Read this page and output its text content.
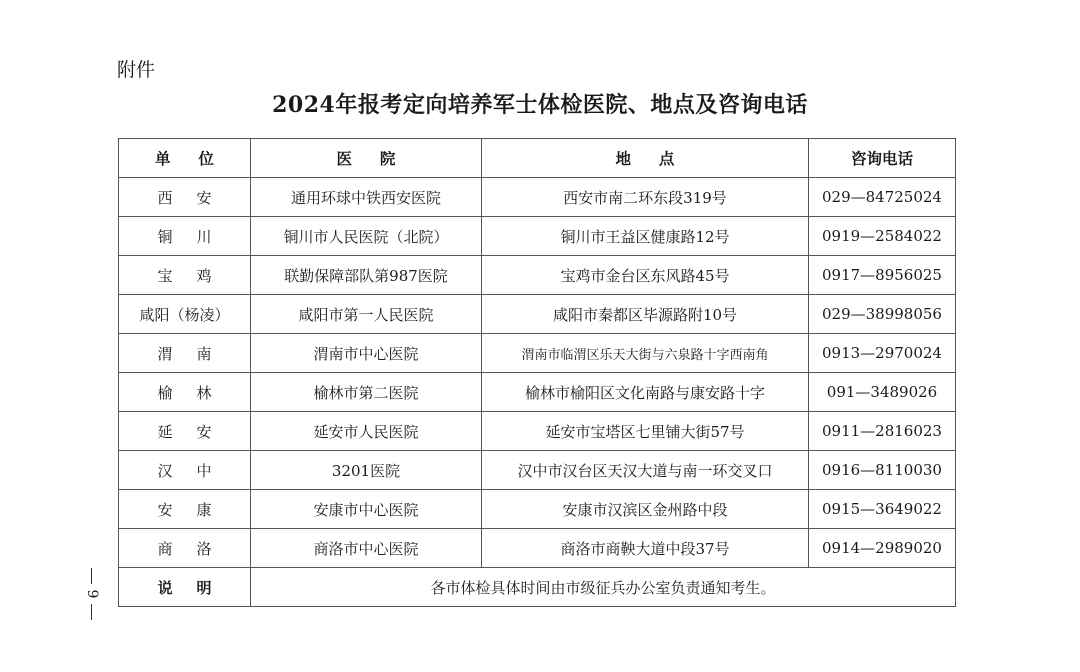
附件
2024年报考定向培养军士体检医院、地点及咨询电话
单位	医院	地点	咨询电话
西安	通用环球中铁西安医院	西安市南二环东段319号	029—84725024
铜川	铜川市人民医院（北院）	铜川市王益区健康路12号	0919—2584022
宝鸡	联勤保障部队第987医院	宝鸡市金台区东风路45号	0917—8956025
咸阳（杨凌）	咸阳市第一人民医院	咸阳市秦都区毕源路附10号	029—38998056
渭南	渭南市中心医院	渭南市临渭区乐天大街与六泉路十字西南角	0913—2970024
榆林	榆林市第二医院	榆林市榆阳区文化南路与康安路十字	091—3489026
延安	延安市人民医院	延安市宝塔区七里铺大街57号	0911—2816023
汉中	3201医院	汉中市汉台区天汉大道与南一环交叉口	0916—8110030
安康	安康市中心医院	安康市汉滨区金州路中段	0915—3649022
商洛	商洛市中心医院	商洛市商鞅大道中段37号	0914—2989020
说明	各市体检具体时间由市级征兵办公室负责通知考生。		
9
